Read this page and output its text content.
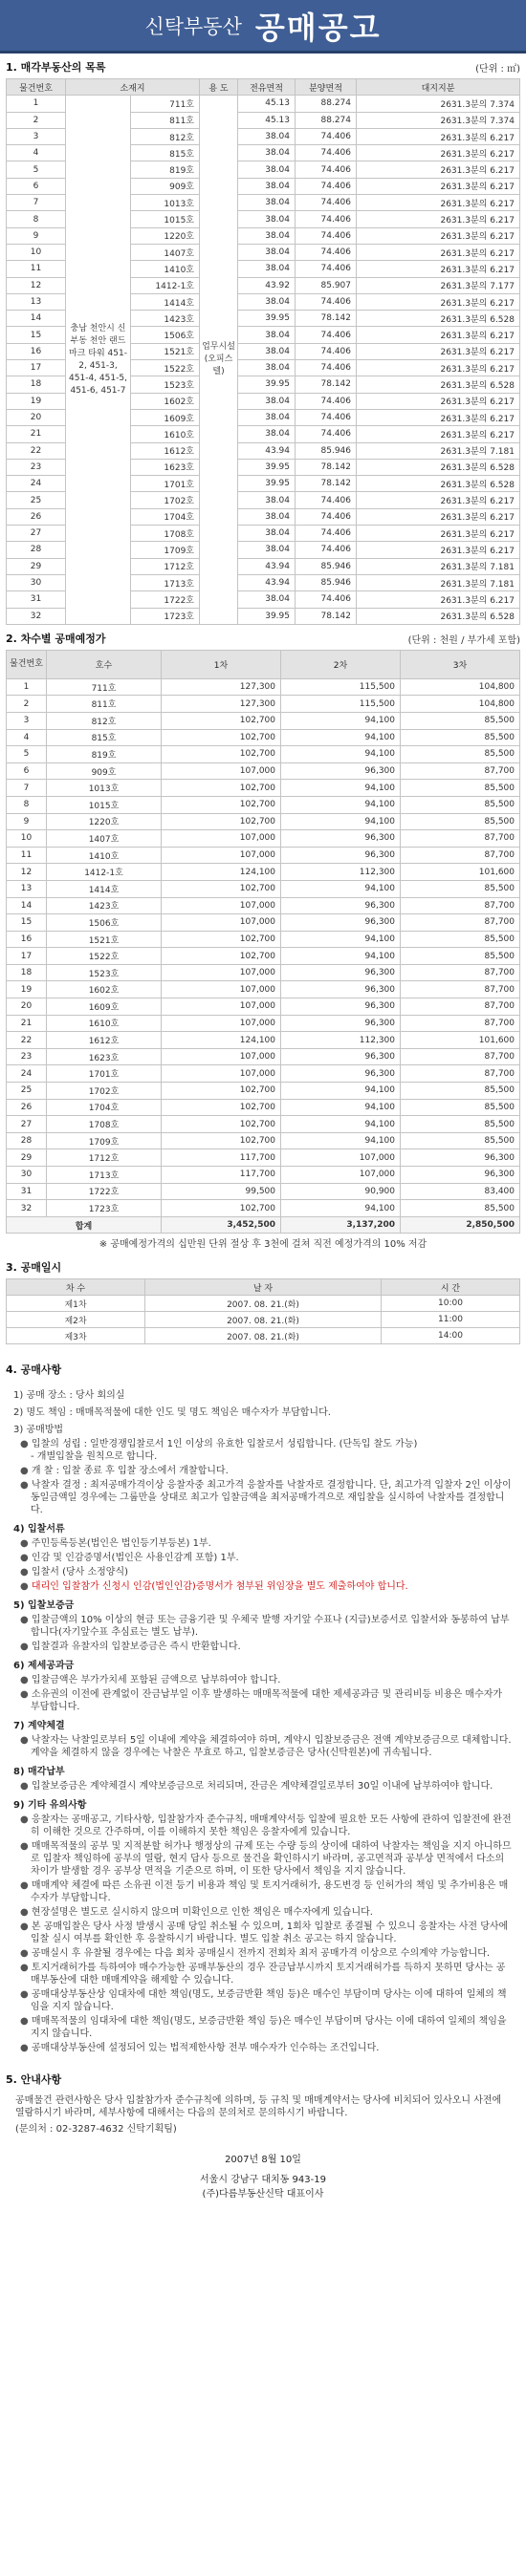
신탁부동산 공매공고
1. 매각부동산의 목록	(단위 : ㎡)
물건번호	소재지		용 도	전유면적	분양면적	대지지분
1	충남 천안시 신부동 천안 랜드마크 타워 451-2, 451-3, 451-4, 451-5, 451-6, 451-7	711호	업무시설(오피스텔)	45.13	88.274	2631.3분의 7.374
2		811호		45.13	88.274	2631.3분의 7.374
3		812호		38.04	74.406	2631.3분의 6.217
4		815호		38.04	74.406	2631.3분의 6.217
5		819호		38.04	74.406	2631.3분의 6.217
6		909호		38.04	74.406	2631.3분의 6.217
7		1013호		38.04	74.406	2631.3분의 6.217
8		1015호		38.04	74.406	2631.3분의 6.217
9		1220호		38.04	74.406	2631.3분의 6.217
10		1407호		38.04	74.406	2631.3분의 6.217
11		1410호		38.04	74.406	2631.3분의 6.217
12		1412-1호		43.92	85.907	2631.3분의 7.177
13		1414호		38.04	74.406	2631.3분의 6.217
14		1423호		39.95	78.142	2631.3분의 6.528
15		1506호		38.04	74.406	2631.3분의 6.217
16		1521호		38.04	74.406	2631.3분의 6.217
17		1522호		38.04	74.406	2631.3분의 6.217
18		1523호		39.95	78.142	2631.3분의 6.528
19		1602호		38.04	74.406	2631.3분의 6.217
20		1609호		38.04	74.406	2631.3분의 6.217
21		1610호		38.04	74.406	2631.3분의 6.217
22		1612호		43.94	85.946	2631.3분의 7.181
23		1623호		39.95	78.142	2631.3분의 6.528
24		1701호		39.95	78.142	2631.3분의 6.528
25		1702호		38.04	74.406	2631.3분의 6.217
26		1704호		38.04	74.406	2631.3분의 6.217
27		1708호		38.04	74.406	2631.3분의 6.217
28		1709호		38.04	74.406	2631.3분의 6.217
29		1712호		43.94	85.946	2631.3분의 7.181
30		1713호		43.94	85.946	2631.3분의 7.181
31		1722호		38.04	74.406	2631.3분의 6.217
32		1723호		39.95	78.142	2631.3분의 6.528
2. 차수별 공매예정가	(단위 : 천원 / 부가세 포함)
물건번호	호수	1차	2차	3차
1	711호	127,300	115,500	104,800
2	811호	127,300	115,500	104,800
3	812호	102,700	94,100	85,500
4	815호	102,700	94,100	85,500
5	819호	102,700	94,100	85,500
6	909호	107,000	96,300	87,700
7	1013호	102,700	94,100	85,500
8	1015호	102,700	94,100	85,500
9	1220호	102,700	94,100	85,500
10	1407호	107,000	96,300	87,700
11	1410호	107,000	96,300	87,700
12	1412-1호	124,100	112,300	101,600
13	1414호	102,700	94,100	85,500
14	1423호	107,000	96,300	87,700
15	1506호	107,000	96,300	87,700
16	1521호	102,700	94,100	85,500
17	1522호	102,700	94,100	85,500
18	1523호	107,000	96,300	87,700
19	1602호	107,000	96,300	87,700
20	1609호	107,000	96,300	87,700
21	1610호	107,000	96,300	87,700
22	1612호	124,100	112,300	101,600
23	1623호	107,000	96,300	87,700
24	1701호	107,000	96,300	87,700
25	1702호	102,700	94,100	85,500
26	1704호	102,700	94,100	85,500
27	1708호	102,700	94,100	85,500
28	1709호	102,700	94,100	85,500
29	1712호	117,700	107,000	96,300
30	1713호	117,700	107,000	96,300
31	1722호	99,500	90,900	83,400
32	1723호	102,700	94,100	85,500
합계		3,452,500	3,137,200	2,850,500
※ 공매예정가격의 십만원 단위 절상 후 3천에 걸쳐 직전 예정가격의 10% 저감
3. 공매일시
차 수	날 자	시 간
제1차	2007. 08. 21.(화)	10:00
제2차	2007. 08. 21.(화)	11:00
제3차	2007. 08. 21.(화)	14:00
4. 공매사항
1) 공매 장소 : 당사 회의실
2) 명도 책임 : 매매목적물에 대한 인도 및 명도 책임은 매수자가 부담합니다.
3) 공매방법
● 입찰의 성립 : 일반경쟁입찰로서 1인 이상의 유효한 입찰로서 성립합니다. (단독입 찰도 가능)
- 개별입찰을 원칙으로 합니다.
● 개 찰 : 입찰 종료 후 입찰 장소에서 개찰합니다.
● 낙찰자 결정 : 최저공매가격이상 응찰자중 최고가격 응찰자를 낙찰자로 결정합니다. 단, 최고가격 입찰자 2인 이상이 동일금액일 경우에는 그룹만을 상대로 최고가 입찰금액을 최저공매가격으로 재입찰을 실시하여 낙찰자를 결정합니다.
4) 입찰서류
● 주민등록등본(법인은 법인등기부등본) 1부.
● 인감 및 인감증명서(법인은 사용인감계 포함) 1부.
● 입찰서 (당사 소정양식)
● 대리인 입찰참가 신청시 인감(법인인감)증명서가 첨부된 위임장을 별도 제출하여야 합니다.
5) 입찰보증금
● 입찰금액의 10% 이상의 현금 또는 금융기관 및 우체국 발행 자기앞 수표나 (지급)보증서로 입찰서와 동봉하여 납부합니다(자기앞수표 추심료는 별도 납부).
● 입찰결과 유찰자의 입찰보증금은 즉시 반환합니다.
6) 제세공과금
● 입찰금액은 부가가치세 포함된 금액으로 납부하여야 합니다.
● 소유권의 이전에 관계없이 잔금납부일 이후 발생하는 매매목적물에 대한 제세공과금 및 관리비등 비용은 매수자가 부담합니다.
7) 계약체결
● 낙찰자는 낙찰일로부터 5일 이내에 계약을 체결하여야 하며, 계약시 입찰보증금은 전액 계약보증금으로 대체합니다. 계약을 체결하지 않을 경우에는 낙찰은 무효로 하고, 입찰보증금은 당사(신탁원본)에 귀속됩니다.
8) 매각납부
● 입찰보증금은 계약체결시 계약보증금으로 처리되며, 잔금은 계약체결일로부터 30일 이내에 납부하여야 합니다.
9) 기타 유의사항
● 응찰자는 공매공고, 기타사항, 입찰참가자 준수규칙, 매매계약서등 입찰에 필요한 모든 사항에 관하여 입찰전에 완전히 이해한 것으로 간주하며, 이를 이해하지 못한 책임은 응찰자에게 있습니다.
● 매매목적물의 공부 및 지적분할 허가나 행정상의 규제 또는 수량 등의 상이에 대하여 낙찰자는 책임을 지지 아니하므로 입찰자 책임하에 공부의 열람, 현지 답사 등으로 물건을 확인하시기 바라며, 공고면적과 공부상 면적에서 다소의 차이가 발생할 경우 공부상 면적을 기준으로 하며, 이 또한 당사에서 책임을 지지 않습니다.
● 매매계약 체결에 따른 소유권 이전 등기 비용과 책임 및 토지거래허가, 용도변경 등 인허가의 책임 및 추가비용은 매수자가 부담합니다.
● 현장설명은 별도로 실시하지 않으며 미확인으로 인한 책임은 매수자에게 있습니다.
● 본 공매입찰은 당사 사정 발생시 공매 당일 취소될 수 있으며, 1회차 입찰로 종결될 수 있으니 응찰자는 사전 당사에 입찰 실시 여부를 확인한 후 응찰하시기 바랍니다. 별도 입찰 취소 공고는 하지 않습니다.
● 공매실시 후 유찰될 경우에는 다음 회차 공매실시 전까지 전회차 최저 공매가격 이상으로 수의계약 가능합니다.
● 토지거래허가를 득하여야 매수가능한 공매부동산의 경우 잔금납부시까지 토지거래허가를 득하지 못하면 당사는 공매부동산에 대한 매매계약을 해제할 수 있습니다.
● 공매대상부동산상 임대차에 대한 책임(명도, 보증금반환 책임 등)은 매수인 부담이며 당사는 이에 대하여 일체의 책임을 지지 않습니다.
● 매매목적물의 임대차에 대한 책임(명도, 보증금반환 책임 등)은 매수인 부담이며 당사는 이에 대하여 일체의 책임을 지지 않습니다.
● 공매대상부동산에 설정되어 있는 법적제한사항 전부 매수자가 인수하는 조건입니다.
5. 안내사항
공매물건 관련사항은 당사 입찰참가자 준수규칙에 의하며, 등 규칙 및 매매계약서는 당사에 비치되어 있사오니 사전에 열람하시기 바라며, 세부사항에 대해서는 다음의 문의처로 문의하시기 바랍니다.
(문의처 : 02-3287-4632 신탁기획팀)
2007년 8월 10일
서울시 강남구 대치동 943-19
(주)다름부동산신탁 대표이사
